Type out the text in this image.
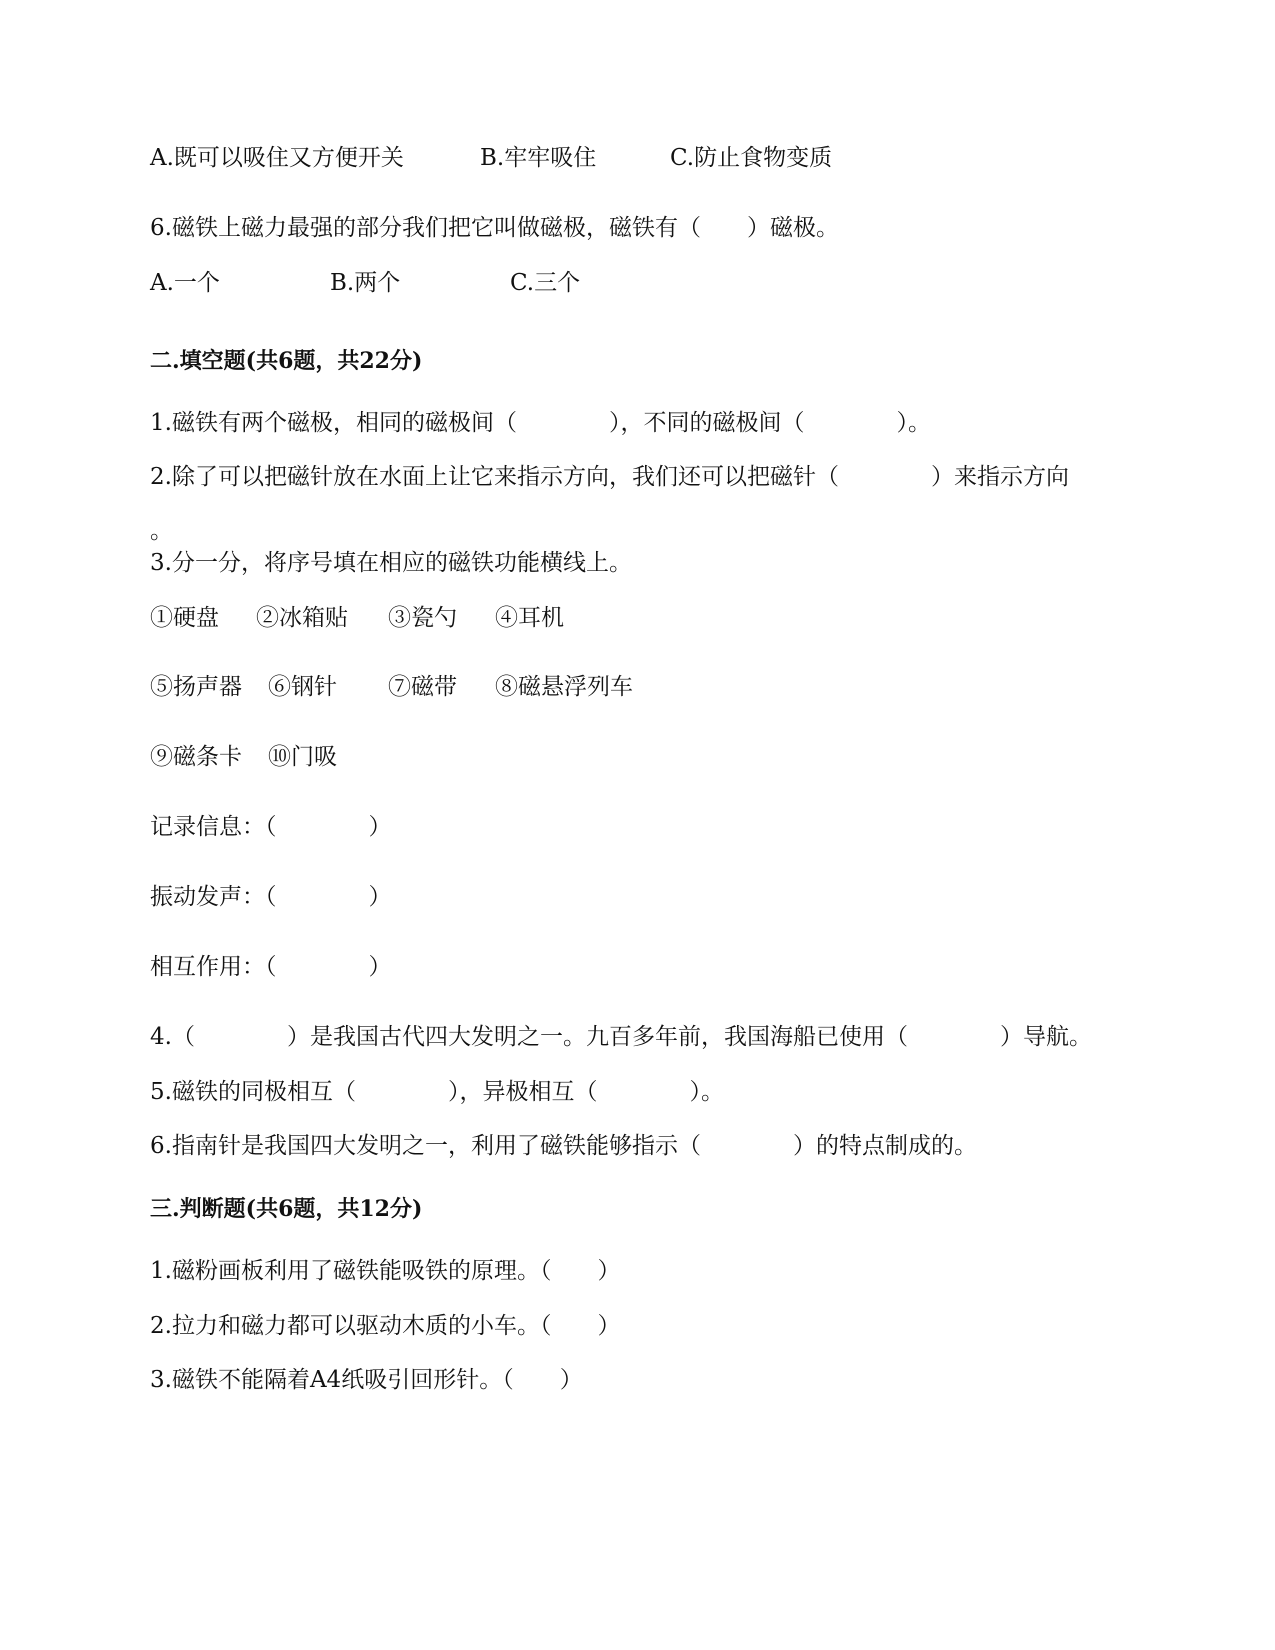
A.既可以吸住又方便开关

	B.牢牢吸住

	C.防止食物变质

6.磁铁上磁力最强的部分我们把它叫做磁极，磁铁有（　　）磁极。

A.一个

	B.两个

	C.三个

二.填空题(共6题，共22分)

1.磁铁有两个磁极，相同的磁极间（　　　　），不同的磁极间（　　　　）。

2.除了可以把磁针放在水面上让它来指示方向，我们还可以把磁针（　　　　）来指示方向

。

3.分一分，将序号填在相应的磁铁功能横线上。

①硬盘

②冰箱贴

③瓷勺

④耳机

⑤扬声器

⑥钢针

⑦磁带

⑧磁悬浮列车

⑨磁条卡

⑩门吸

记录信息：（　　　　）

振动发声：（　　　　）

相互作用：（　　　　）

4.（　　　　）是我国古代四大发明之一。九百多年前，我国海船已使用（　　　　）导航。

5.磁铁的同极相互（　　　　），异极相互（　　　　）。

6.指南针是我国四大发明之一，利用了磁铁能够指示（　　　　）的特点制成的。

三.判断题(共6题，共12分)

1.磁粉画板利用了磁铁能吸铁的原理。（　　）

2.拉力和磁力都可以驱动木质的小车。（　　）

3.磁铁不能隔着A4纸吸引回形针。（　　）
